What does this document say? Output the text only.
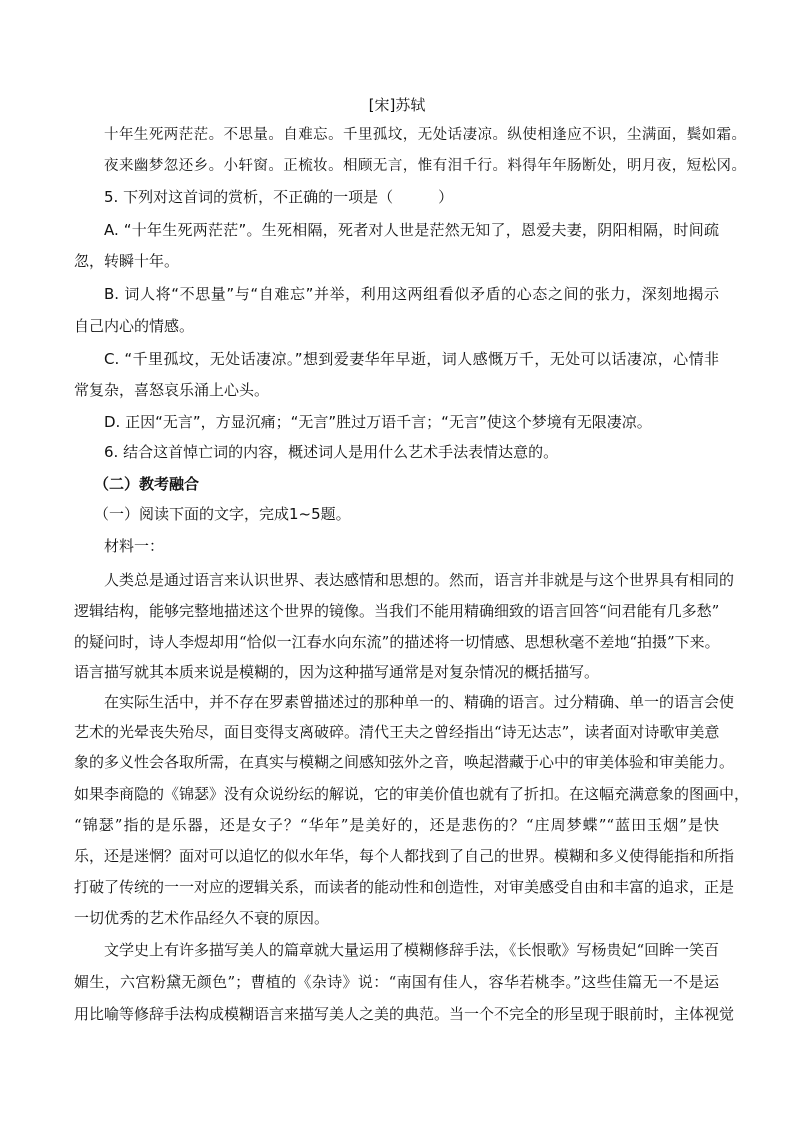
[宋]苏轼
十年生死两茫茫。不思量。自难忘。千里孤坟，无处话凄凉。纵使相逢应不识，尘满面，鬓如霜。
夜来幽梦忽还乡。小轩窗。正梳妆。相顾无言，惟有泪千行。料得年年肠断处，明月夜，短松冈。
5. 下列对这首词的赏析，不正确的一项是（　　　）
A. “十年生死两茫茫”。生死相隔，死者对人世是茫然无知了，恩爱夫妻，阴阳相隔，时间疏
忽，转瞬十年。
B. 词人将“不思量”与“自难忘”并举，利用这两组看似矛盾的心态之间的张力，深刻地揭示
自己内心的情感。
C. “千里孤坟，无处话凄凉。”想到爱妻华年早逝，词人感慨万千，无处可以话凄凉，心情非
常复杂，喜怒哀乐涌上心头。
D. 正因“无言”，方显沉痛；“无言”胜过万语千言；“无言”使这个梦境有无限凄凉。
6. 结合这首悼亡词的内容，概述词人是用什么艺术手法表情达意的。
（二）教考融合
（一）阅读下面的文字，完成1~5题。
材料一：
人类总是通过语言来认识世界、表达感情和思想的。然而，语言并非就是与这个世界具有相同的
逻辑结构，能够完整地描述这个世界的镜像。当我们不能用精确细致的语言回答“问君能有几多愁”
的疑问时，诗人李煜却用“恰似一江春水向东流”的描述将一切情感、思想秋毫不差地“拍摄”下来。
语言描写就其本质来说是模糊的，因为这种描写通常是对复杂情况的概括描写。
在实际生活中，并不存在罗素曾描述过的那种单一的、精确的语言。过分精确、单一的语言会使
艺术的光晕丧失殆尽，面目变得支离破碎。清代王夫之曾经指出“诗无达志”，读者面对诗歌审美意
象的多义性会各取所需，在真实与模糊之间感知弦外之音，唤起潜藏于心中的审美体验和审美能力。
如果李商隐的《锦瑟》没有众说纷纭的解说，它的审美价值也就有了折扣。在这幅充满意象的图画中，
“锦瑟”指的是乐器，还是女子？“华年”是美好的，还是悲伤的？“庄周梦蝶”“蓝田玉烟”是快
乐，还是迷惘？面对可以追忆的似水年华，每个人都找到了自己的世界。模糊和多义使得能指和所指
打破了传统的一一对应的逻辑关系，而读者的能动性和创造性，对审美感受自由和丰富的追求，正是
一切优秀的艺术作品经久不衰的原因。
文学史上有许多描写美人的篇章就大量运用了模糊修辞手法，《长恨歌》写杨贵妃“回眸一笑百
媚生，六宫粉黛无颜色”；曹植的《杂诗》说：“南国有佳人，容华若桃李。”这些佳篇无一不是运
用比喻等修辞手法构成模糊语言来描写美人之美的典范。当一个不完全的形呈现于眼前时，主体视觉
